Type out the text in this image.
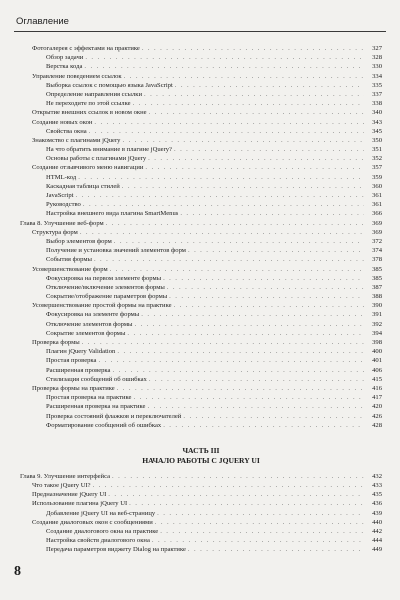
Оглавление
Фотогалерея с эффектами на практике . . .	327
Обзор задачи . . .	328
Верстка кода . . .	330
Управление поведением ссылок . . .	334
Выборка ссылок с помощью языка JavaScript . . .	335
Определение направления ссылки . . .	337
Не переходите по этой ссылке . . .	338
Открытие внешних ссылок в новом окне . . .	340
Создание новых окон . . .	343
Свойства окна . . .	345
Знакомство с плагинами jQuery . . .	350
На что обратить внимание в плагине jQuery? . . .	351
Основы работы с плагинами jQuery . . .	352
Создание отзывчивого меню навигации . . .	357
HTML-код . . .	359
Каскадная таблица стилей . . .	360
JavaScript . . .	361
Руководство . . .	361
Настройка внешнего вида плагина SmartMenus . . .	366
Глава 8. Улучшение веб-форм . . .	369
Структура форм . . .	369
Выбор элементов форм . . .	372
Получение и установка значений элементов форм . . .	374
События формы . . .	378
Усовершенствование форм . . .	385
Фокусировка на первом элементе формы . . .	385
Отключение/включение элементов формы . . .	387
Сокрытие/отображение параметров формы . . .	388
Усовершенствование простой формы на практике . . .	390
Фокусировка на элементе формы . . .	391
Отключение элементов формы . . .	392
Сокрытие элементов формы . . .	394
Проверка формы . . .	398
Плагин jQuery Validation . . .	400
Простая проверка . . .	401
Расширенная проверка . . .	406
Стилизация сообщений об ошибках . . .	415
Проверка формы на практике . . .	416
Простая проверка на практике . . .	417
Расширенная проверка на практике . . .	420
Проверка состояний флажков и переключателей . . .	426
Форматирование сообщений об ошибках . . .	428
ЧАСТЬ III
НАЧАЛО РАБОТЫ С JQUERY UI
Глава 9. Улучшение интерфейса . . .	432
Что такое jQuery UI? . . .	433
Предназначение jQuery UI . . .	435
Использование плагина jQuery UI . . .	436
Добавление jQuery UI на веб-страницу . . .	439
Создание диалоговых окон с сообщениями . . .	440
Создание диалогового окна на практике . . .	442
Настройка свойств диалогового окна . . .	444
Передача параметров виджету Dialog на практике . . .	449
8
